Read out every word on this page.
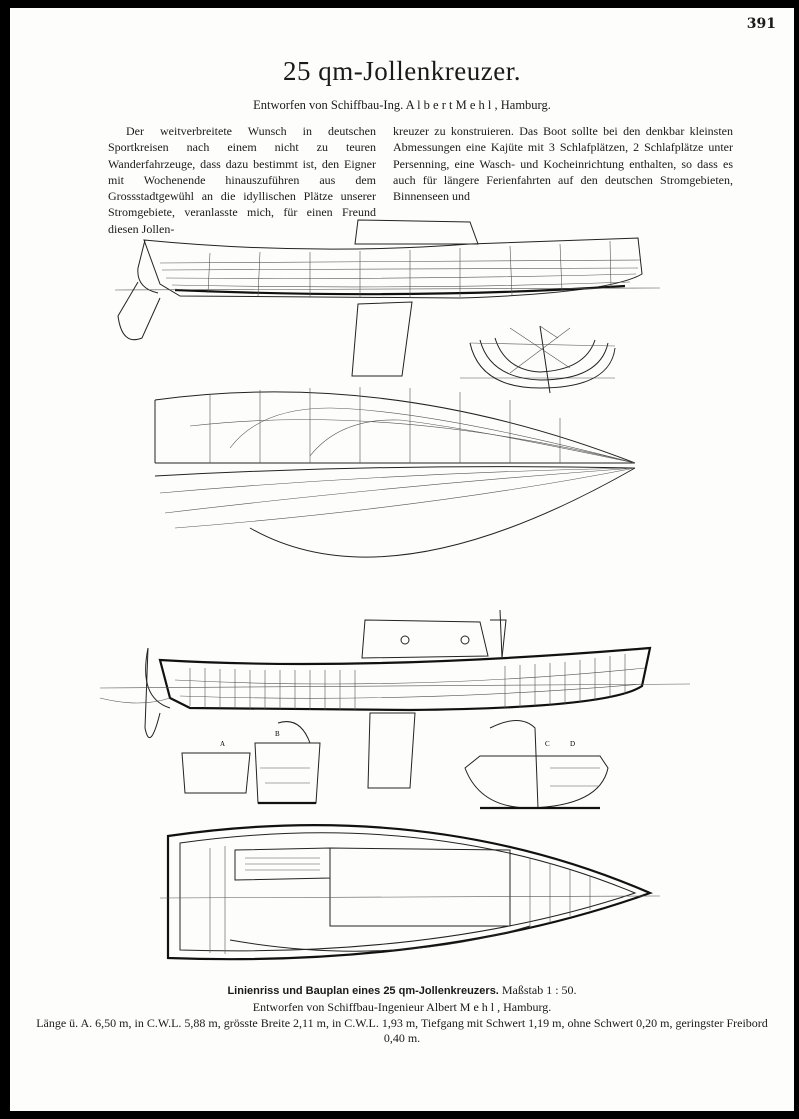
391
25 qm-Jollenkreuzer.
Entworfen von Schiffbau-Ing. A l b e r t M e h l , Hamburg.

Der weitverbreitete Wunsch in deutschen Sportkreisen nach einem nicht zu teuren Wanderfahrzeuge, dass dazu bestimmt ist, den Eigner mit Wochenende hinauszuführen aus dem Grossstadtgewühl an die idyllischen Plätze unserer Stromgebiete, veranlasste mich, für einen Freund diesen Jollen-

kreuzer zu konstruieren. Das Boot sollte bei den denkbar kleinsten Abmessungen eine Kajüte mit 3 Schlafplätzen, 2 Schlafplätze unter Persenning, eine Wasch- und Kocheinrichtung enthalten, so dass es auch für längere Ferienfahrten auf den deutschen Stromgebieten, Binnenseen und

A
B
C	D
Linienriss und Bauplan eines 25 qm-Jollenkreuzers. Maßstab 1 : 50.
Entworfen von Schiffbau-Ingenieur Albert M e h l , Hamburg.
Länge ü. A. 6,50 m, in C.W.L. 5,88 m, grösste Breite 2,11 m, in C.W.L. 1,93 m, Tiefgang mit Schwert 1,19 m, ohne Schwert 0,20 m, geringster Freibord 0,40 m.
